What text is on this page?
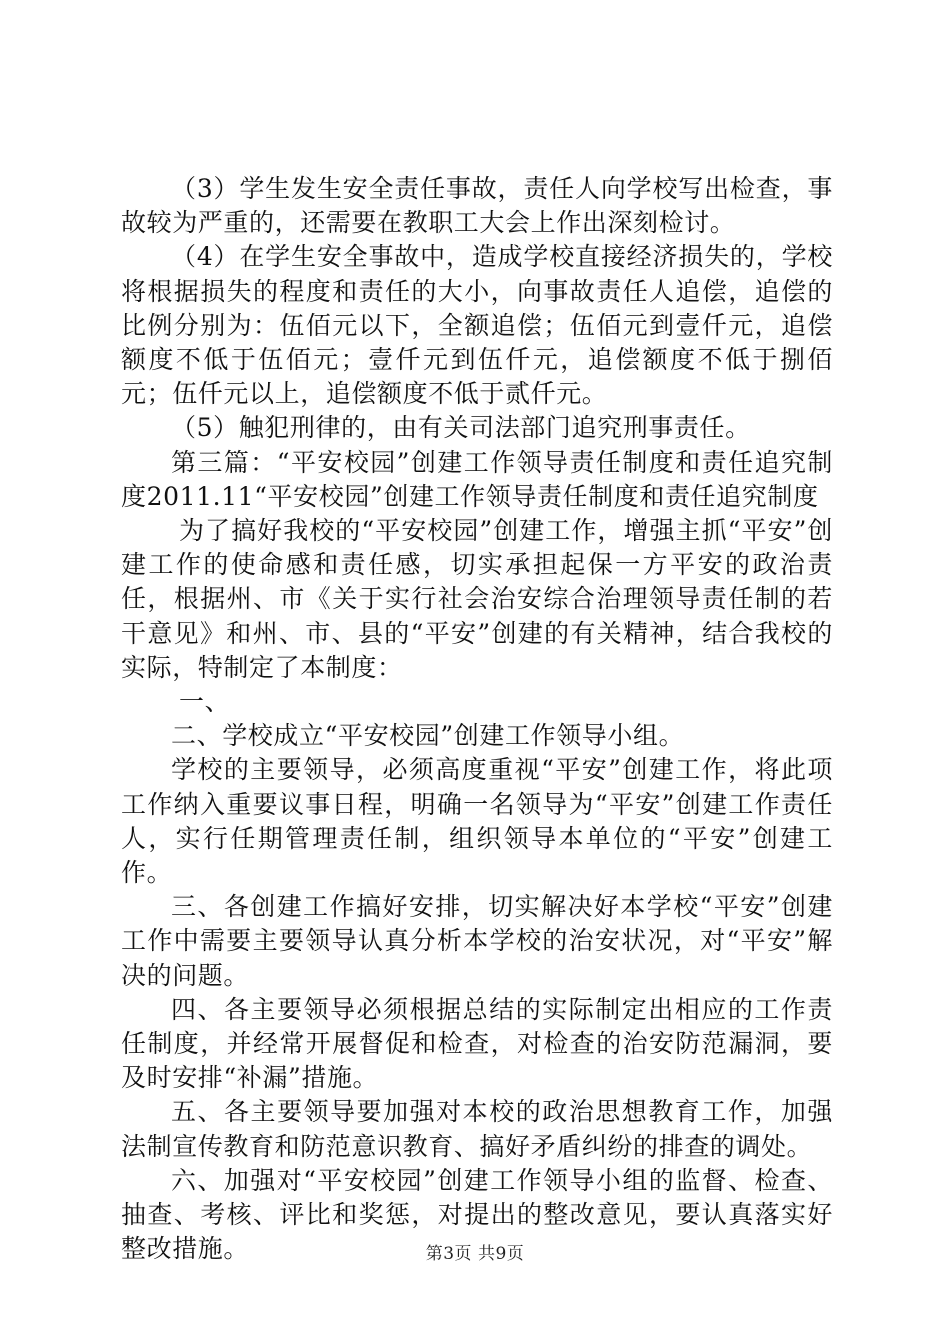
（3）学生发生安全责任事故，责任人向学校写出检查，事故较为严重的，还需要在教职工大会上作出深刻检讨。

（4）在学生安全事故中，造成学校直接经济损失的，学校将根据损失的程度和责任的大小，向事故责任人追偿，追偿的比例分别为：伍佰元以下，全额追偿；伍佰元到壹仟元，追偿额度不低于伍佰元；壹仟元到伍仟元，追偿额度不低于捌佰元；伍仟元以上，追偿额度不低于贰仟元。

（5）触犯刑律的，由有关司法部门追究刑事责任。

第三篇：“平安校园”创建工作领导责任制度和责任追究制度2011.11“平安校园”创建工作领导责任制度和责任追究制度

为了搞好我校的“平安校园”创建工作，增强主抓“平安”创建工作的使命感和责任感，切实承担起保一方平安的政治责任，根据州、市《关于实行社会治安综合治理领导责任制的若干意见》和州、市、县的“平安”创建的有关精神，结合我校的实际，特制定了本制度：

一、

二、学校成立“平安校园”创建工作领导小组。

学校的主要领导，必须高度重视“平安”创建工作，将此项工作纳入重要议事日程，明确一名领导为“平安”创建工作责任人，实行任期管理责任制，组织领导本单位的“平安”创建工作。

三、各创建工作搞好安排，切实解决好本学校“平安”创建工作中需要主要领导认真分析本学校的治安状况，对“平安”解决的问题。

四、各主要领导必须根据总结的实际制定出相应的工作责任制度，并经常开展督促和检查，对检查的治安防范漏洞，要及时安排“补漏”措施。

五、各主要领导要加强对本校的政治思想教育工作，加强法制宣传教育和防范意识教育、搞好矛盾纠纷的排查的调处。

六、加强对“平安校园”创建工作领导小组的监督、检查、抽查、考核、评比和奖惩，对提出的整改意见，要认真落实好整改措施。	第3页 共9页
